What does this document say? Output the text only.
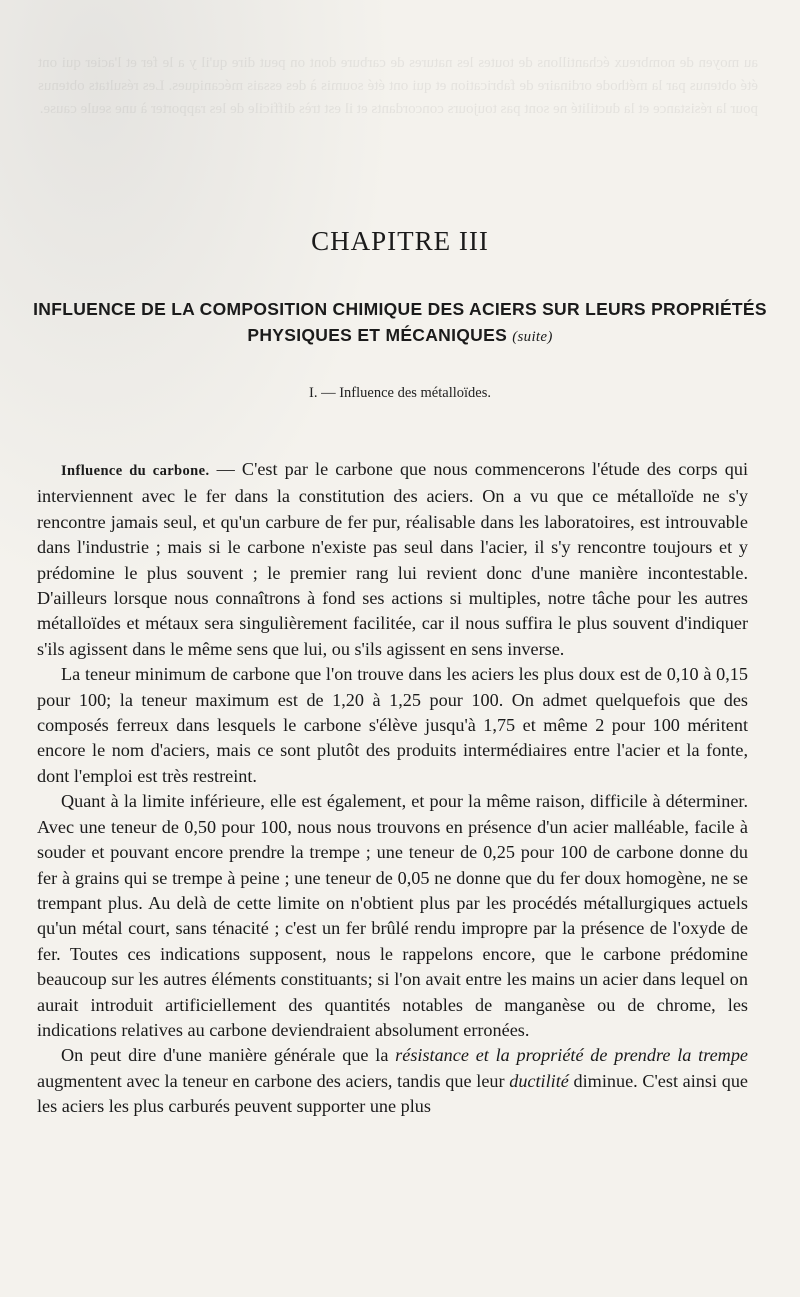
au moyen de nombreux échantillons de toutes les natures de carbure dont on peut dire qu'il y a le fer et l'acier qui ont été obtenus par la méthode ordinaire de fabrication et qui ont été soumis à des essais mécaniques. Les résultats obtenus pour la résistance et la ductilité ne sont pas toujours concordants et il est très difficile de les rapporter à une seule cause.
CHAPITRE III
INFLUENCE DE LA COMPOSITION CHIMIQUE DES ACIERS SUR LEURS PROPRIÉTÉS
PHYSIQUES ET MÉCANIQUES (suite)
I. — Influence des métalloïdes.

Influence du carbone. — C'est par le carbone que nous commencerons l'étude des corps qui interviennent avec le fer dans la constitution des aciers. On a vu que ce métalloïde ne s'y rencontre jamais seul, et qu'un carbure de fer pur, réalisable dans les laboratoires, est introuvable dans l'industrie ; mais si le carbone n'existe pas seul dans l'acier, il s'y rencontre toujours et y prédomine le plus souvent ; le premier rang lui revient donc d'une manière incontestable. D'ailleurs lorsque nous connaîtrons à fond ses actions si multiples, notre tâche pour les autres métalloïdes et métaux sera singulièrement facilitée, car il nous suffira le plus souvent d'indiquer s'ils agissent dans le même sens que lui, ou s'ils agissent en sens inverse.

La teneur minimum de carbone que l'on trouve dans les aciers les plus doux est de 0,10 à 0,15 pour 100; la teneur maximum est de 1,20 à 1,25 pour 100. On admet quelquefois que des composés ferreux dans lesquels le carbone s'élève jusqu'à 1,75 et même 2 pour 100 méritent encore le nom d'aciers, mais ce sont plutôt des produits intermédiaires entre l'acier et la fonte, dont l'emploi est très restreint.

Quant à la limite inférieure, elle est également, et pour la même raison, difficile à déterminer. Avec une teneur de 0,50 pour 100, nous nous trouvons en présence d'un acier malléable, facile à souder et pouvant encore prendre la trempe ; une teneur de 0,25 pour 100 de carbone donne du fer à grains qui se trempe à peine ; une teneur de 0,05 ne donne que du fer doux homogène, ne se trempant plus. Au delà de cette limite on n'obtient plus par les procédés métallurgiques actuels qu'un métal court, sans ténacité ; c'est un fer brûlé rendu impropre par la présence de l'oxyde de fer. Toutes ces indications supposent, nous le rappelons encore, que le carbone prédomine beaucoup sur les autres éléments constituants; si l'on avait entre les mains un acier dans lequel on aurait introduit artificiellement des quantités notables de manganèse ou de chrome, les indications relatives au carbone deviendraient absolument erronées.

On peut dire d'une manière générale que la résistance et la propriété de prendre la trempe augmentent avec la teneur en carbone des aciers, tandis que leur ductilité diminue. C'est ainsi que les aciers les plus carburés peuvent supporter une plus
